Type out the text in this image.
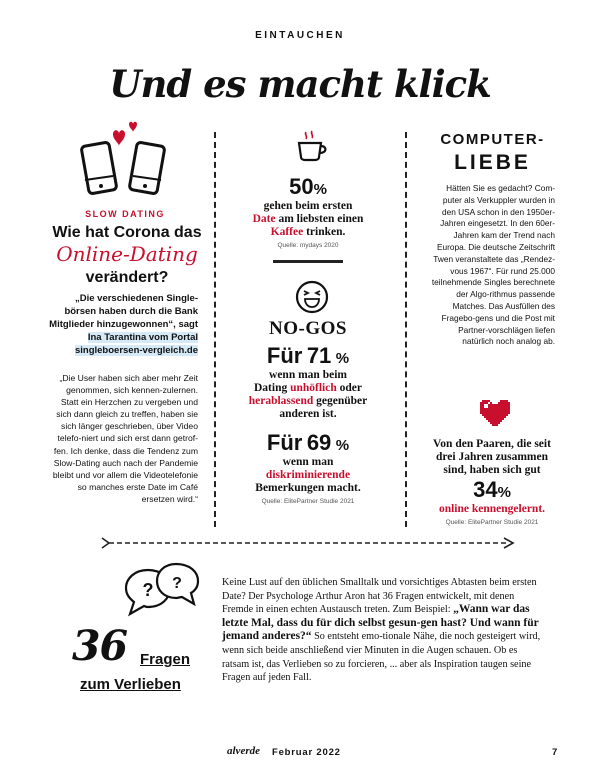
EINTAUCHEN
Und es macht klick
SLOW DATING
Wie hat Corona das
Online-Dating
verändert?
„Die verschiedenen Single-börsen haben durch die Bank Mitglieder hinzugewonnen“, sagt Ina Tarantina vom Portal singleboersen-vergleich.de
„Die User haben sich aber mehr Zeit genommen, sich kennen-zulernen. Statt ein Herzchen zu vergeben und sich dann gleich zu treffen, haben sie sich länger geschrieben, über Video telefo-niert und sich erst dann getrof-fen. Ich denke, dass die Tendenz zum Slow-Dating auch nach der Pandemie bleibt und vor allem die Videotelefonie so manches erste Date im Café ersetzen wird.“
50%
gehen beim ersten
Date am liebsten einen
Kaffee trinken.
Quelle: mydays 2020
NO-GOS
Für 71 %
wenn man beim
Dating unhöflich oder
herablassend gegenüber
anderen ist.
Für 69 %
wenn man
diskriminierende
Bemerkungen macht.
Quelle: ElitePartner Studie 2021
COMPUTER-
LIEBE
Hätten Sie es gedacht? Com-puter als Verkuppler wurden in den USA schon in den 1950er-Jahren eingesetzt. In den 60er-Jahren kam der Trend nach Europa. Die deutsche Zeitschrift Twen veranstaltete das „Rendez-vous 1967“. Für rund 25.000 teilnehmende Singles berechnete der Algo-rithmus passende Matches. Das Ausfüllen des Fragebo-gens und die Post mit Partner-vorschlägen liefen natürlich noch analog ab.
Von den Paaren, die seit
drei Jahren zusammen
sind, haben sich gut
34%
online kennengelernt.
Quelle: ElitePartner Studie 2021
? ?
36 Fragen
zum Verlieben
Keine Lust auf den üblichen Smalltalk und vorsichtiges Abtasten beim ersten Date? Der Psychologe Arthur Aron hat 36 Fragen entwickelt, mit denen Fremde in einen echten Austausch treten. Zum Beispiel: „Wann war das letzte Mal, dass du für dich selbst gesun-gen hast? Und wann für jemand anderes?“ So entsteht emo-tionale Nähe, die noch gesteigert wird, wenn sich beide anschließend vier Minuten in die Augen schauen. Ob es ratsam ist, das Verlieben so zu forcieren, ... aber als Inspiration taugen seine Fragen auf jeden Fall.
alverde Februar 2022	7
